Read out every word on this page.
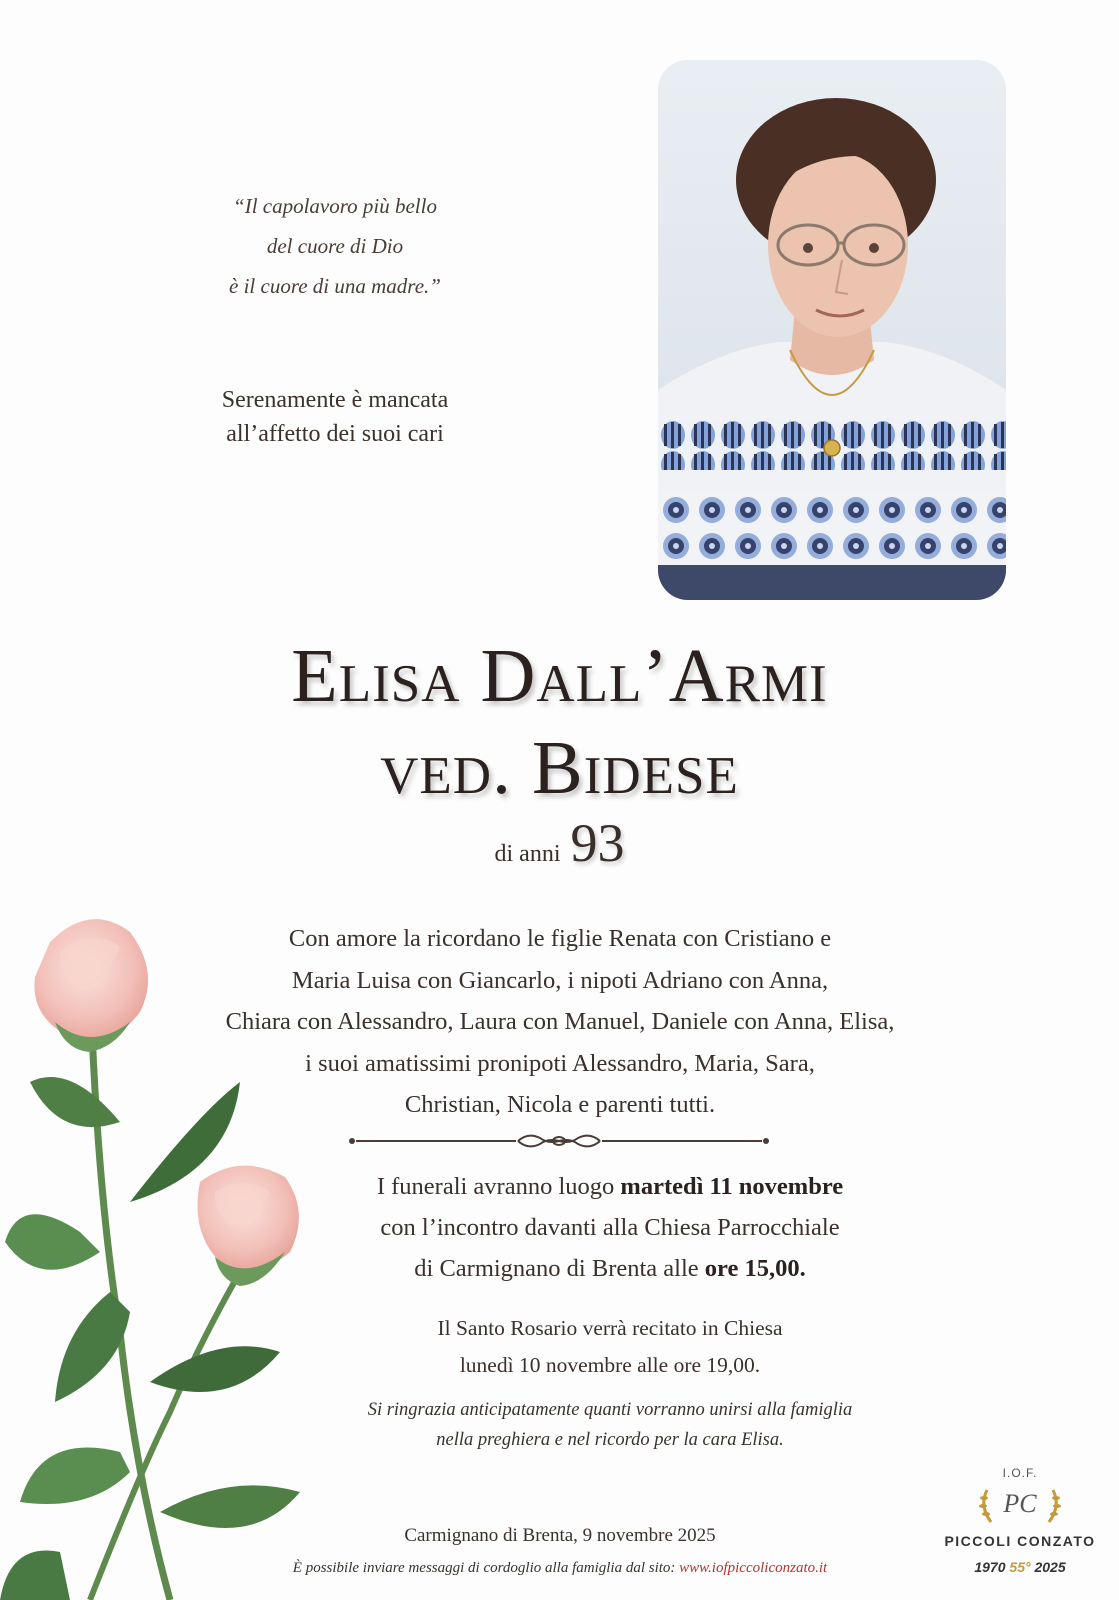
“Il capolavoro più bello
del cuore di Dio
è il cuore di una madre.”
Serenamente è mancata
all’affetto dei suoi cari
Elisa Dall’Armi
ved. Bidese
di anni 93
Con amore la ricordano le figlie Renata con Cristiano e
Maria Luisa con Giancarlo, i nipoti Adriano con Anna,
Chiara con Alessandro, Laura con Manuel, Daniele con Anna, Elisa,
i suoi amatissimi pronipoti Alessandro, Maria, Sara,
Christian, Nicola e parenti tutti.
I funerali avranno luogo martedì 11 novembre
con l’incontro davanti alla Chiesa Parrocchiale
di Carmignano di Brenta alle ore 15,00.
Il Santo Rosario verrà recitato in Chiesa
lunedì 10 novembre alle ore 19,00.
Si ringrazia anticipatamente quanti vorranno unirsi alla famiglia
nella preghiera e nel ricordo per la cara Elisa.
Carmignano di Brenta, 9 novembre 2025
È possibile inviare messaggi di cordoglio alla famiglia dal sito: www.iofpiccoliconzato.it
I.O.F.
PC
PICCOLI CONZATO
1970 55° 2025
